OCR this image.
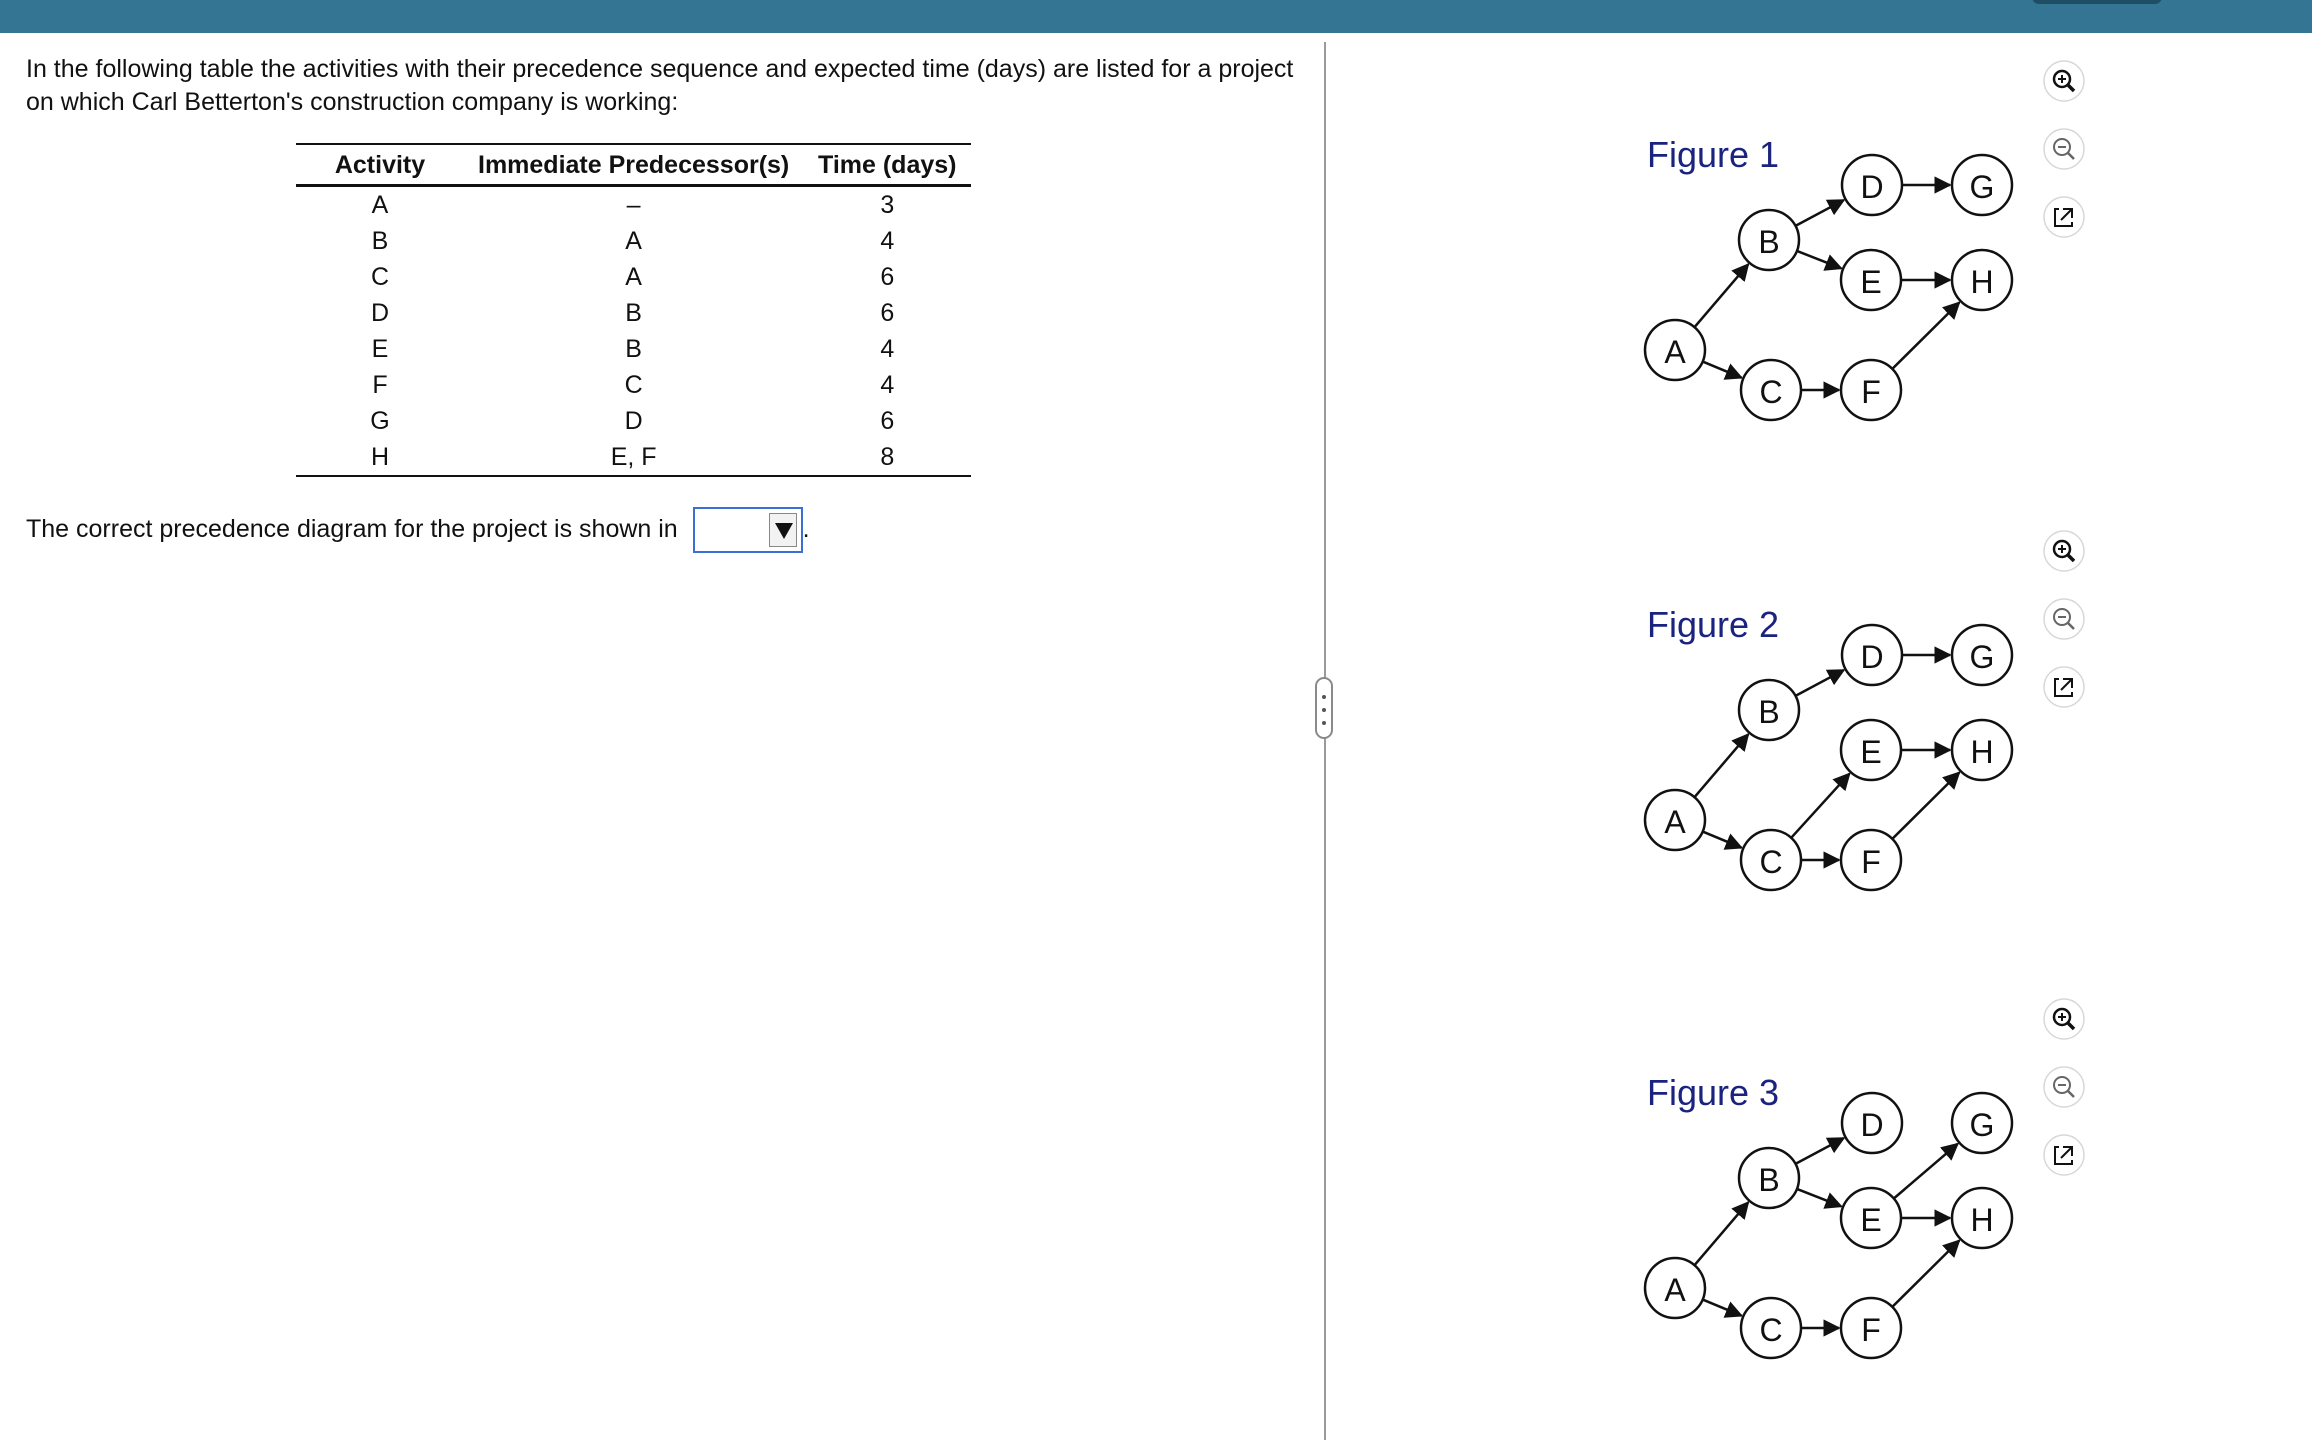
In the following table the activities with their precedence sequence and expected time (days) are listed for a project on which Carl Betterton's construction company is working:
Activity	Immediate Predecessor(s)	Time (days)
A	–	3
B	A	4
C	A	6
D	B	6
E	B	4
F	C	4
G	D	6
H	E, F	8
The correct precedence diagram for the project is shown in	.
Figure 1
A
B
C
D
E
F
G
H
Figure 2
A
B
C
D
E
F
G
H
Figure 3
A
B
C
D
E
F
G
H
